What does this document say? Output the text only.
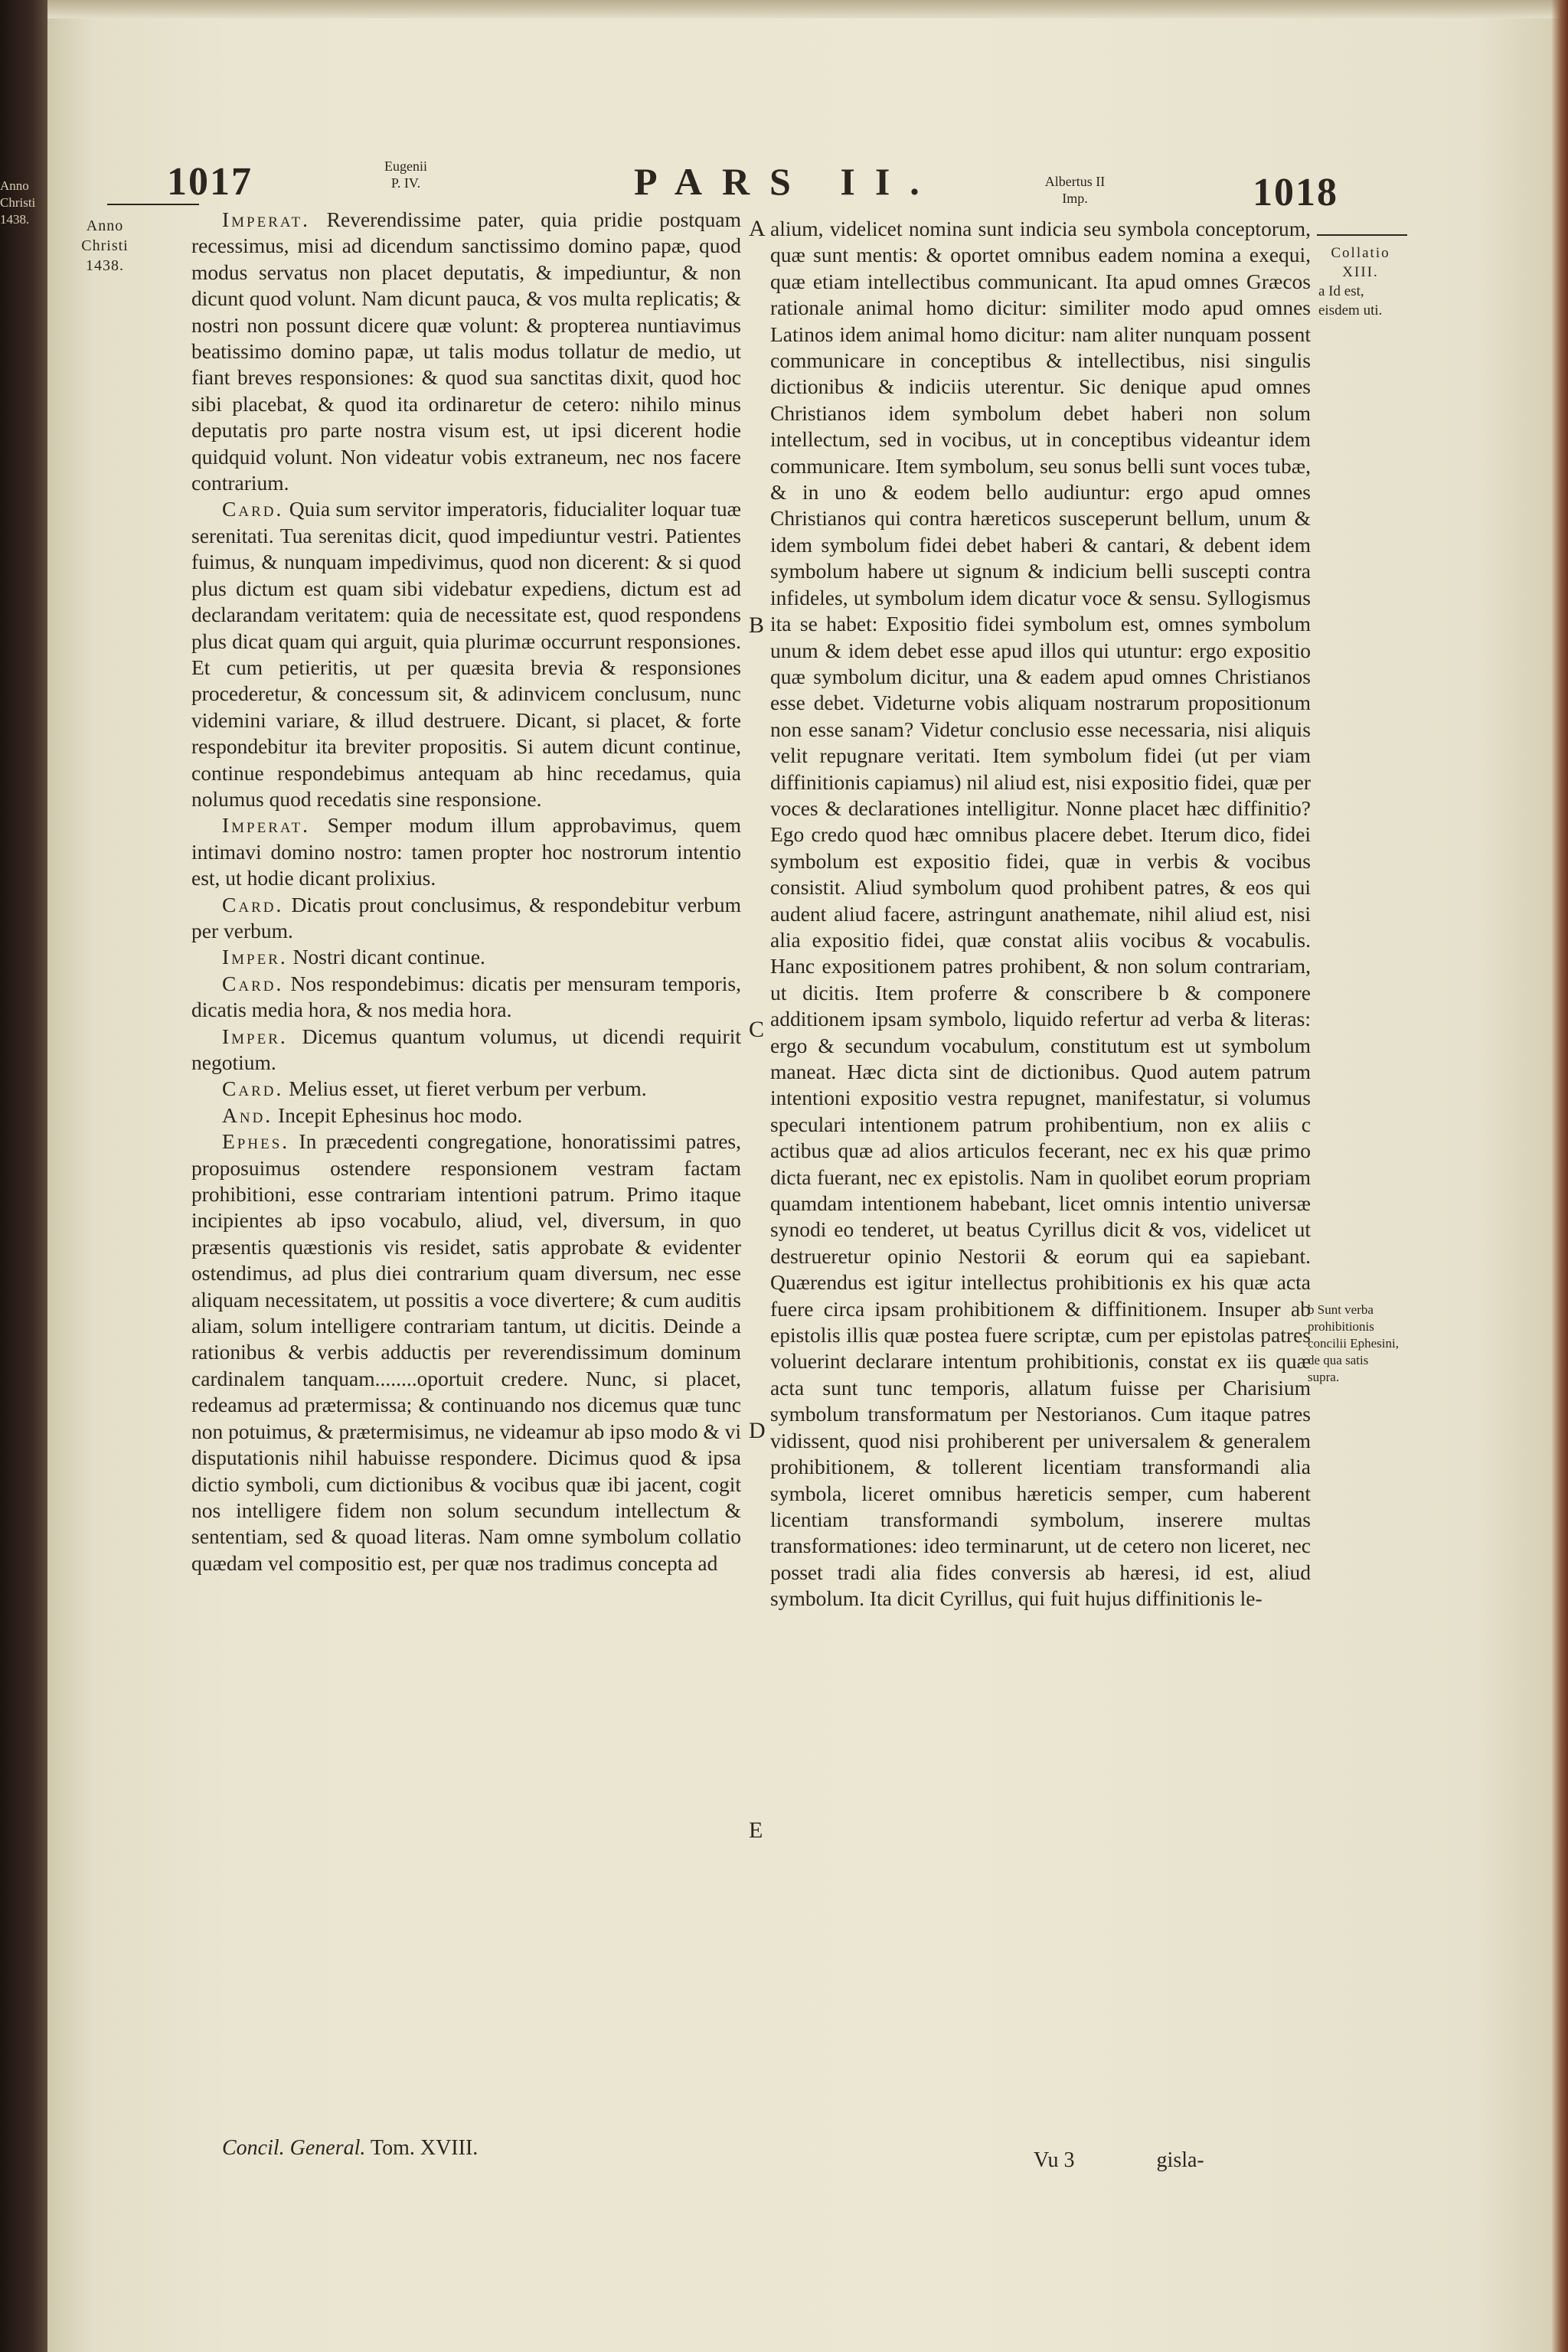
Anno
Christi
1438.
1017	Eugenii
P. IV.	PARS II.	Albertus II
Imp.	1018
Anno
Christi
1438.
Collatio
XIII.
a Id est, eisdem uti.
b Sunt verba prohibitionis concilii Ephesini, de qua satis supra.

Imperat. Reverendissime pater, quia pridie postquam recessimus, misi ad dicendum sanctissimo domino papæ, quod modus servatus non placet deputatis, & impediuntur, & non dicunt quod volunt. Nam dicunt pauca, & vos multa replicatis; & nostri non possunt dicere quæ volunt: & propterea nuntiavimus beatissimo domino papæ, ut talis modus tollatur de medio, ut fiant breves responsiones: & quod sua sanctitas dixit, quod hoc sibi placebat, & quod ita ordinaretur de cetero: nihilo minus deputatis pro parte nostra visum est, ut ipsi dicerent hodie quidquid volunt. Non videatur vobis extraneum, nec nos facere contrarium.

Card. Quia sum servitor imperatoris, fiducialiter loquar tuæ serenitati. Tua serenitas dicit, quod impediuntur vestri. Patientes fuimus, & nunquam impedivimus, quod non dicerent: & si quod plus dictum est quam sibi videbatur expediens, dictum est ad declarandam veritatem: quia de necessitate est, quod respondens plus dicat quam qui arguit, quia plurimæ occurrunt responsiones. Et cum petieritis, ut per quæsita brevia & responsiones procederetur, & concessum sit, & adinvicem conclusum, nunc videmini variare, & illud destruere. Dicant, si placet, & forte respondebitur ita breviter propositis. Si autem dicunt continue, continue respondebimus antequam ab hinc recedamus, quia nolumus quod recedatis sine responsione.

Imperat. Semper modum illum approbavimus, quem intimavi domino nostro: tamen propter hoc nostrorum intentio est, ut hodie dicant prolixius.

Card. Dicatis prout conclusimus, & respondebitur verbum per verbum.

Imper. Nostri dicant continue.

Card. Nos respondebimus: dicatis per mensuram temporis, dicatis media hora, & nos media hora.

Imper. Dicemus quantum volumus, ut dicendi requirit negotium.

Card. Melius esset, ut fieret verbum per verbum.

And. Incepit Ephesinus hoc modo.

Ephes. In præcedenti congregatione, honoratissimi patres, proposuimus ostendere responsionem vestram factam prohibitioni, esse contrariam intentioni patrum. Primo itaque incipientes ab ipso vocabulo, aliud, vel, diversum, in quo præsentis quæstionis vis residet, satis approbate & evidenter ostendimus, ad plus diei contrarium quam diversum, nec esse aliquam necessitatem, ut possitis a voce divertere; & cum auditis aliam, solum intelligere contrariam tantum, ut dicitis. Deinde a rationibus & verbis adductis per reverendissimum dominum cardinalem tanquam........oportuit credere. Nunc, si placet, redeamus ad prætermissa; & continuando nos dicemus quæ tunc non potuimus, & prætermisimus, ne videamur ab ipso modo & vi disputationis nihil habuisse respondere. Dicimus quod & ipsa dictio symboli, cum dictionibus & vocibus quæ ibi jacent, cogit nos intelligere fidem non solum secundum intellectum & sententiam, sed & quoad literas. Nam omne symbolum collatio quædam vel compositio est, per quæ nos tradimus concepta ad

A
B
C
D
E

alium, videlicet nomina sunt indicia seu symbola conceptorum, quæ sunt mentis: & oportet omnibus eadem nomina a exequi, quæ etiam intellectibus communicant. Ita apud omnes Græcos rationale animal homo dicitur: similiter modo apud omnes Latinos idem animal homo dicitur: nam aliter nunquam possent communicare in conceptibus & intellectibus, nisi singulis dictionibus & indiciis uterentur. Sic denique apud omnes Christianos idem symbolum debet haberi non solum intellectum, sed in vocibus, ut in conceptibus videantur idem communicare. Item symbolum, seu sonus belli sunt voces tubæ, & in uno & eodem bello audiuntur: ergo apud omnes Christianos qui contra hæreticos susceperunt bellum, unum & idem symbolum fidei debet haberi & cantari, & debent idem symbolum habere ut signum & indicium belli suscepti contra infideles, ut symbolum idem dicatur voce & sensu. Syllogismus ita se habet: Expositio fidei symbolum est, omnes symbolum unum & idem debet esse apud illos qui utuntur: ergo expositio quæ symbolum dicitur, una & eadem apud omnes Christianos esse debet. Videturne vobis aliquam nostrarum propositionum non esse sanam? Videtur conclusio esse necessaria, nisi aliquis velit repugnare veritati. Item symbolum fidei (ut per viam diffinitionis capiamus) nil aliud est, nisi expositio fidei, quæ per voces & declarationes intelligitur. Nonne placet hæc diffinitio? Ego credo quod hæc omnibus placere debet. Iterum dico, fidei symbolum est expositio fidei, quæ in verbis & vocibus consistit. Aliud symbolum quod prohibent patres, & eos qui audent aliud facere, astringunt anathemate, nihil aliud est, nisi alia expositio fidei, quæ constat aliis vocibus & vocabulis. Hanc expositionem patres prohibent, & non solum contrariam, ut dicitis. Item proferre & conscribere b & componere additionem ipsam symbolo, liquido refertur ad verba & literas: ergo & secundum vocabulum, constitutum est ut symbolum maneat. Hæc dicta sint de dictionibus. Quod autem patrum intentioni expositio vestra repugnet, manifestatur, si volumus speculari intentionem patrum prohibentium, non ex aliis c actibus quæ ad alios articulos fecerant, nec ex his quæ primo dicta fuerant, nec ex epistolis. Nam in quolibet eorum propriam quamdam intentionem habebant, licet omnis intentio universæ synodi eo tenderet, ut beatus Cyrillus dicit & vos, videlicet ut destrueretur opinio Nestorii & eorum qui ea sapiebant. Quærendus est igitur intellectus prohibitionis ex his quæ acta fuere circa ipsam prohibitionem & diffinitionem. Insuper ab epistolis illis quæ postea fuere scriptæ, cum per epistolas patres voluerint declarare intentum prohibitionis, constat ex iis quæ acta sunt tunc temporis, allatum fuisse per Charisium symbolum transformatum per Nestorianos. Cum itaque patres vidissent, quod nisi prohiberent per universalem & generalem prohibitionem, & tollerent licentiam transformandi alia symbola, liceret omnibus hæreticis semper, cum haberent licentiam transformandi symbolum, inserere multas transformationes: ideo terminarunt, ut de cetero non liceret, nec posset tradi alia fides conversis ab hæresi, id est, aliud symbolum. Ita dicit Cyrillus, qui fuit hujus diffinitionis le-

Concil. General. Tom. XVIII.
Vu 3	gisla-
